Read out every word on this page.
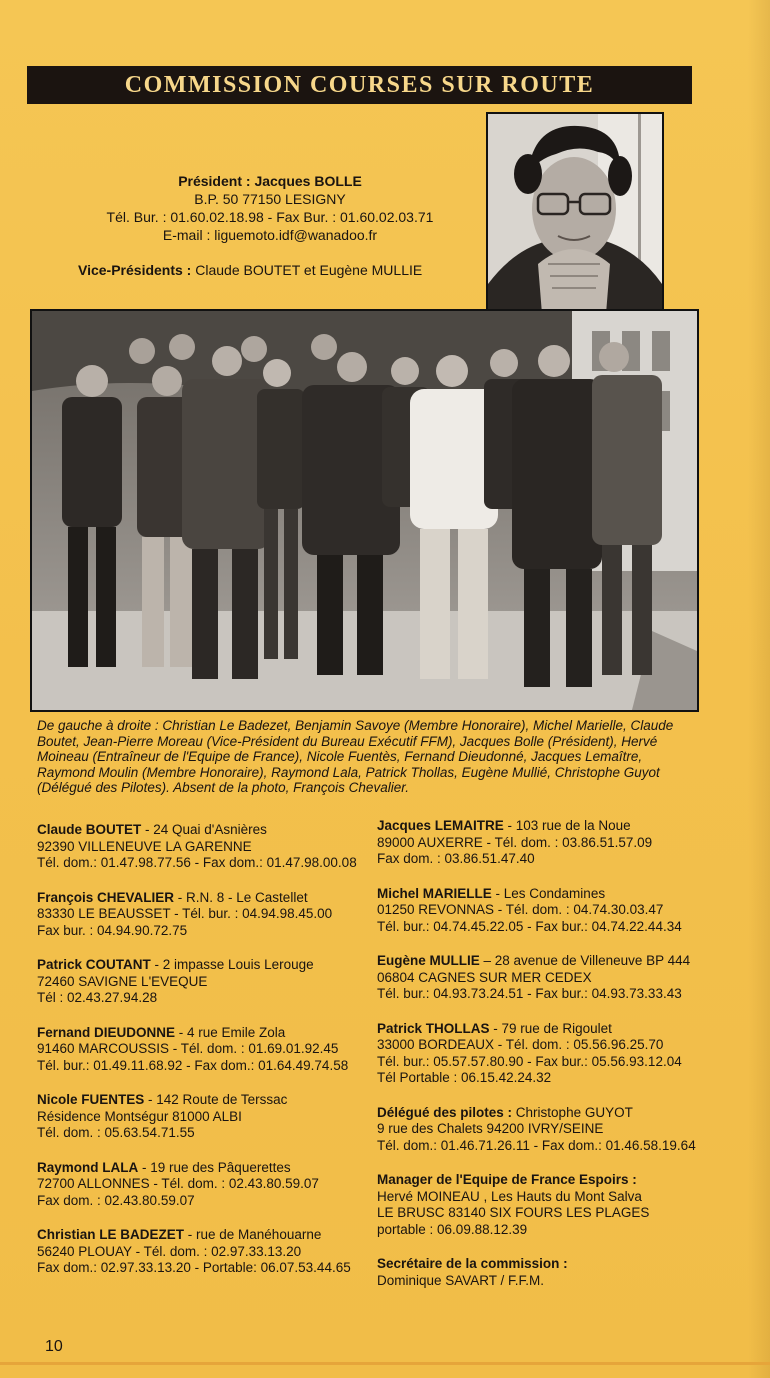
COMMISSION COURSES SUR ROUTE
Président : Jacques BOLLE
B.P. 50 77150 LESIGNY
Tél. Bur. : 01.60.02.18.98 - Fax Bur. : 01.60.02.03.71
E-mail : liguemoto.idf@wanadoo.fr
Vice-Présidents : Claude BOUTET et Eugène MULLIE
De gauche à droite : Christian Le Badezet, Benjamin Savoye (Membre Honoraire), Michel Marielle, Claude Boutet, Jean-Pierre Moreau (Vice-Président du Bureau Exécutif FFM), Jacques Bolle (Président), Hervé Moineau (Entraîneur de l'Equipe de France), Nicole Fuentès, Fernand Dieudonné, Jacques Lemaître, Raymond Moulin (Membre Honoraire), Raymond Lala, Patrick Thollas, Eugène Mullié, Christophe Guyot (Délégué des Pilotes). Absent de la photo, François Chevalier.
Claude BOUTET - 24 Quai d'Asnières
92390 VILLENEUVE LA GARENNE
Tél. dom.: 01.47.98.77.56 - Fax dom.: 01.47.98.00.08
François CHEVALIER - R.N. 8 - Le Castellet
83330 LE BEAUSSET - Tél. bur. : 04.94.98.45.00
Fax bur. : 04.94.90.72.75
Patrick COUTANT - 2 impasse Louis Lerouge
72460 SAVIGNE L'EVEQUE
Tél : 02.43.27.94.28
Fernand DIEUDONNE - 4 rue Emile Zola
91460 MARCOUSSIS - Tél. dom. : 01.69.01.92.45
Tél. bur.: 01.49.11.68.92 - Fax dom.: 01.64.49.74.58
Nicole FUENTES - 142 Route de Terssac
Résidence Montségur 81000 ALBI
Tél. dom. : 05.63.54.71.55
Raymond LALA - 19 rue des Pâquerettes
72700 ALLONNES - Tél. dom. : 02.43.80.59.07
Fax dom. : 02.43.80.59.07
Christian LE BADEZET - rue de Manéhouarne
56240 PLOUAY - Tél. dom. : 02.97.33.13.20
Fax dom.: 02.97.33.13.20 - Portable: 06.07.53.44.65
Jacques LEMAITRE - 103 rue de la Noue
89000 AUXERRE - Tél. dom. : 03.86.51.57.09
Fax dom. : 03.86.51.47.40
Michel MARIELLE - Les Condamines
01250 REVONNAS - Tél. dom. : 04.74.30.03.47
Tél. bur.: 04.74.45.22.05 - Fax bur.: 04.74.22.44.34
Eugène MULLIE – 28 avenue de Villeneuve BP 444
06804 CAGNES SUR MER CEDEX
Tél. bur.: 04.93.73.24.51 - Fax bur.: 04.93.73.33.43
Patrick THOLLAS - 79 rue de Rigoulet
33000 BORDEAUX - Tél. dom. : 05.56.96.25.70
Tél. bur.: 05.57.57.80.90 - Fax bur.: 05.56.93.12.04
Tél Portable : 06.15.42.24.32
Délégué des pilotes : Christophe GUYOT
9 rue des Chalets 94200 IVRY/SEINE
Tél. dom.: 01.46.71.26.11 - Fax dom.: 01.46.58.19.64
Manager de l'Equipe de France Espoirs :
Hervé MOINEAU , Les Hauts du Mont Salva
LE BRUSC 83140 SIX FOURS LES PLAGES
portable : 06.09.88.12.39
Secrétaire de la commission :
Dominique SAVART / F.F.M.
10
